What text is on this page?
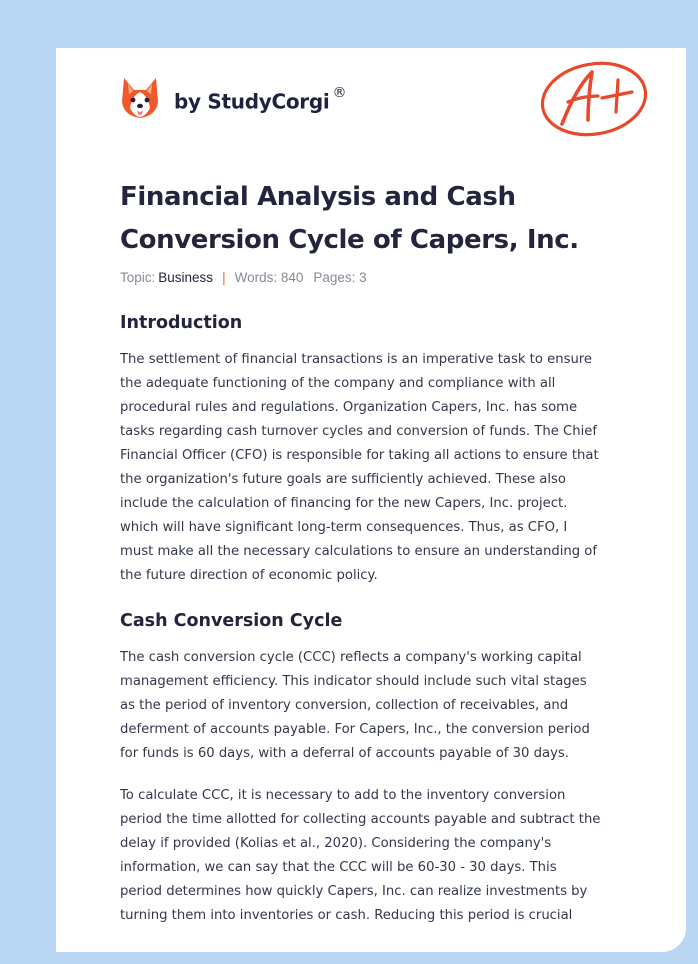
by StudyCorgi ®
Financial Analysis and Cash
Conversion Cycle of Capers, Inc.
Topic: Business | Words: 840 Pages: 3
Introduction

The settlement of financial transactions is an imperative task to ensure
the adequate functioning of the company and compliance with all
procedural rules and regulations. Organization Capers, Inc. has some
tasks regarding cash turnover cycles and conversion of funds. The Chief
Financial Officer (CFO) is responsible for taking all actions to ensure that
the organization's future goals are sufficiently achieved. These also
include the calculation of financing for the new Capers, Inc. project.
which will have significant long-term consequences. Thus, as CFO, I
must make all the necessary calculations to ensure an understanding of
the future direction of economic policy.

Cash Conversion Cycle

The cash conversion cycle (CCC) reflects a company's working capital
management efficiency. This indicator should include such vital stages
as the period of inventory conversion, collection of receivables, and
deferment of accounts payable. For Capers, Inc., the conversion period
for funds is 60 days, with a deferral of accounts payable of 30 days.

To calculate CCC, it is necessary to add to the inventory conversion
period the time allotted for collecting accounts payable and subtract the
delay if provided (Kolias et al., 2020). Considering the company's
information, we can say that the CCC will be 60-30 - 30 days. This
period determines how quickly Capers, Inc. can realize investments by
turning them into inventories or cash. Reducing this period is crucial
